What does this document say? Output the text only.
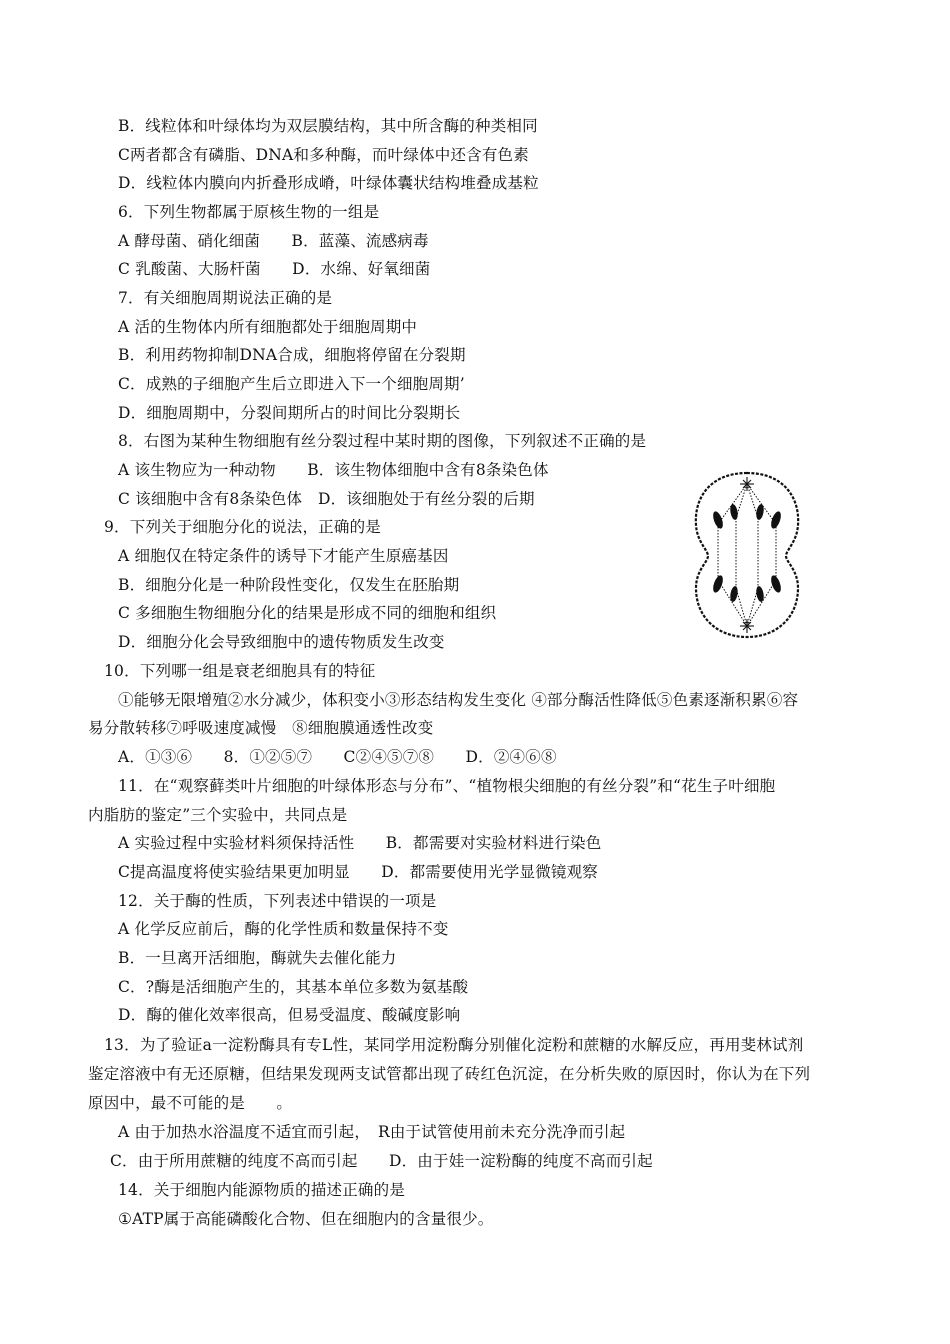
B．线粒体和叶绿体均为双层膜结构，其中所含酶的种类相同
C两者都含有磷脂、DNA和多种酶，而叶绿体中还含有色素
D．线粒体内膜向内折叠形成嵴，叶绿体囊状结构堆叠成基粒
6．下列生物都属于原核生物的一组是
A 酵母菌、硝化细菌　　B．蓝藻、流感病毒
C 乳酸菌、大肠杆菌　　D．水绵、好氧细菌
7．有关细胞周期说法正确的是
A 活的生物体内所有细胞都处于细胞周期中
B．利用药物抑制DNA合成，细胞将停留在分裂期
C．成熟的子细胞产生后立即进入下一个细胞周期’
D．细胞周期中，分裂间期所占的时间比分裂期长
8．右图为某种生物细胞有丝分裂过程中某时期的图像，下列叙述不正确的是
A 该生物应为一种动物　　B．该生物体细胞中含有8条染色体
C 该细胞中含有8条染色体　D．该细胞处于有丝分裂的后期
9．下列关于细胞分化的说法，正确的是
A 细胞仅在特定条件的诱导下才能产生原癌基因
B．细胞分化是一种阶段性变化，仅发生在胚胎期
C 多细胞生物细胞分化的结果是形成不同的细胞和组织
D．细胞分化会导致细胞中的遗传物质发生改变
10．下列哪一组是衰老细胞具有的特征
①能够无限增殖②水分减少，体积变小③形态结构发生变化 ④部分酶活性降低⑤色素逐渐积累⑥容
易分散转移⑦呼吸速度减慢　⑧细胞膜通透性改变
A．①③⑥　　8．①②⑤⑦　　C②④⑤⑦⑧　　D．②④⑥⑧
11．在“观察藓类叶片细胞的叶绿体形态与分布”、“植物根尖细胞的有丝分裂”和“花生子叶细胞
内脂肪的鉴定”三个实验中，共同点是
A 实验过程中实验材料须保持活性　　B．都需要对实验材料进行染色
C提高温度将使实验结果更加明显　　D．都需要使用光学显微镜观察
12．关于酶的性质，下列表述中错误的一项是
A 化学反应前后，酶的化学性质和数量保持不变
B．一旦离开活细胞，酶就失去催化能力
C．?酶是活细胞产生的，其基本单位多数为氨基酸
D．酶的催化效率很高，但易受温度、酸碱度影响
13．为了验证a一淀粉酶具有专L性，某同学用淀粉酶分别催化淀粉和蔗糖的水解反应，再用斐林试剂
鉴定溶液中有无还原糖，但结果发现两支试管都出现了砖红色沉淀，在分析失败的原因时，你认为在下列
原因中，最不可能的是　　。
A 由于加热水浴温度不适宜而引起，　R由于试管使用前未充分洗净而引起
C．由于所用蔗糖的纯度不高而引起　　D．由于娃一淀粉酶的纯度不高而引起
14．关于细胞内能源物质的描述正确的是
①ATP属于高能磷酸化合物、但在细胞内的含量很少。
